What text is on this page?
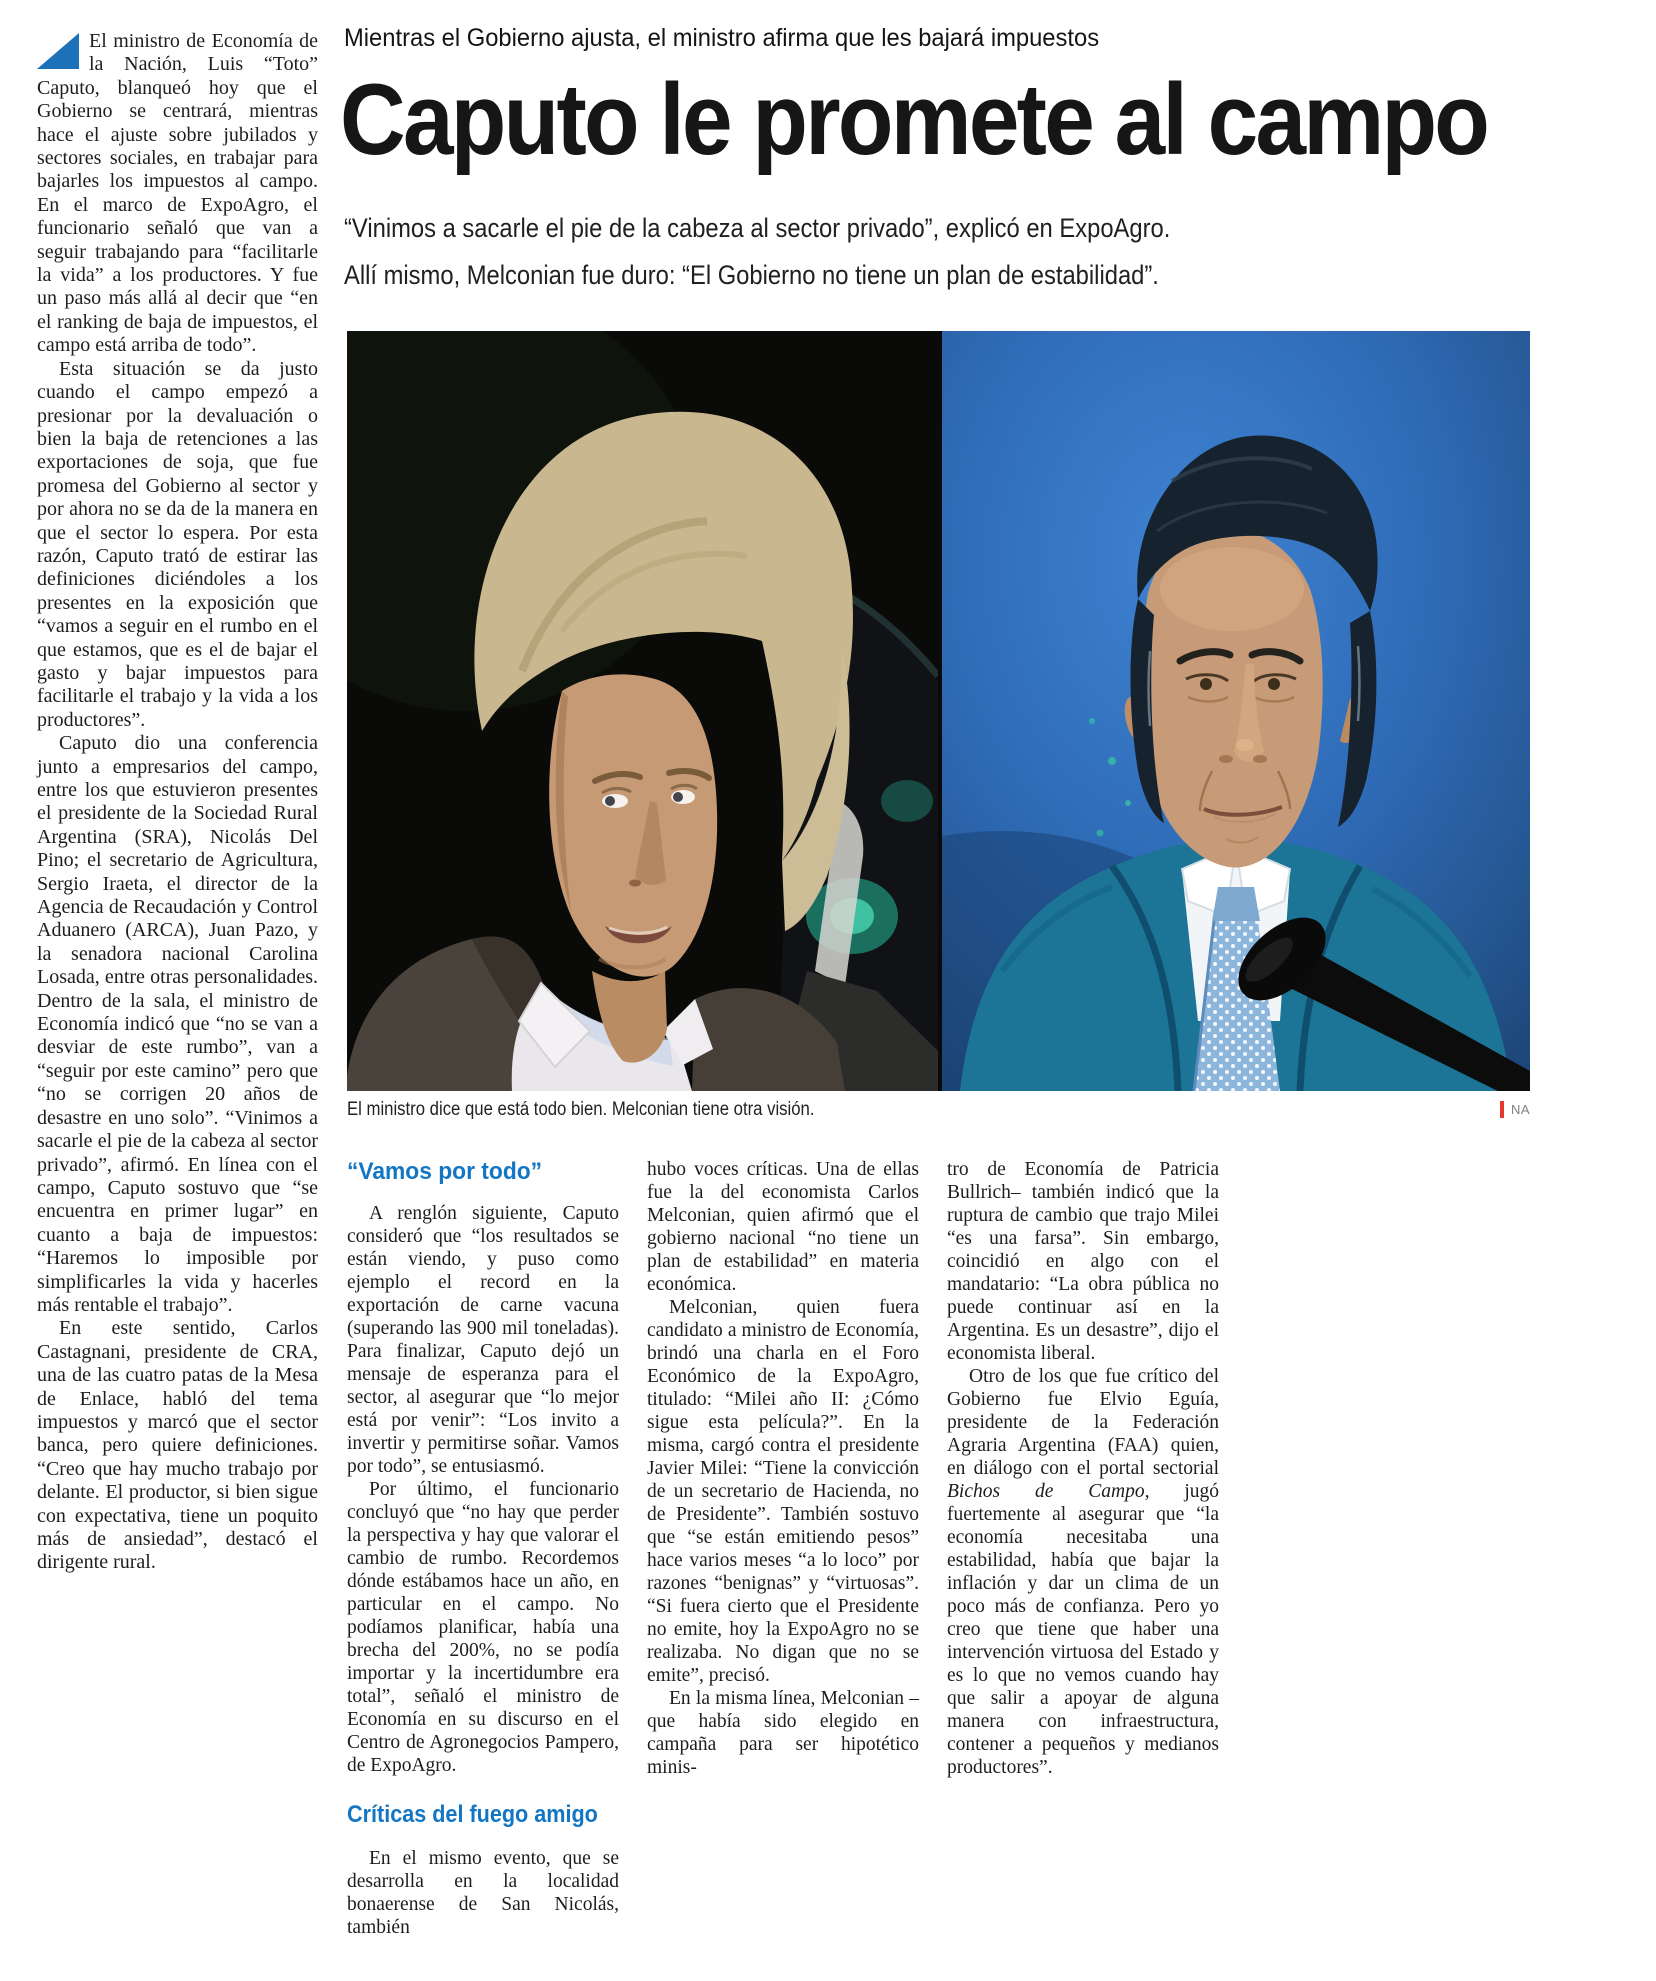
El ministro de Economía de la Nación, Luis “Toto” Caputo, blanqueó hoy que el Gobierno se centrará, mientras hace el ajuste sobre jubilados y sectores sociales, en trabajar para bajarles los impuestos al campo. En el marco de ExpoAgro, el funcionario señaló que van a seguir trabajando para “facilitarle la vida” a los productores. Y fue un paso más allá al decir que “en el ranking de baja de impuestos, el campo está arriba de todo”.

Esta situación se da justo cuando el campo empezó a presionar por la devaluación o bien la baja de retenciones a las exportaciones de soja, que fue promesa del Gobierno al sector y por ahora no se da de la manera en que el sector lo espera. Por esta razón, Caputo trató de estirar las definiciones diciéndoles a los presentes en la exposición que “vamos a seguir en el rumbo en el que estamos, que es el de bajar el gasto y bajar impuestos para facilitarle el trabajo y la vida a los productores”.

Caputo dio una conferencia junto a empresarios del campo, entre los que estuvieron presentes el presidente de la Sociedad Rural Argentina (SRA), Nicolás Del Pino; el secretario de Agricultura, Sergio Iraeta, el director de la Agencia de Recaudación y Control Aduanero (ARCA), Juan Pazo, y la senadora nacional Carolina Losada, entre otras personalidades. Dentro de la sala, el ministro de Economía indicó que “no se van a desviar de este rumbo”, van a “seguir por este camino” pero que “no se corrigen 20 años de desastre en uno solo”. “Vinimos a sacarle el pie de la cabeza al sector privado”, afirmó. En línea con el campo, Caputo sostuvo que “se encuentra en primer lugar” en cuanto a baja de impuestos: “Haremos lo imposible por simplificarles la vida y hacerles más rentable el trabajo”.

En este sentido, Carlos Castagnani, presidente de CRA, una de las cuatro patas de la Mesa de Enlace, habló del tema impuestos y marcó que el sector banca, pero quiere definiciones. “Creo que hay mucho trabajo por delante. El productor, si bien sigue con expectativa, tiene un poquito más de ansiedad”, destacó el dirigente rural.

Mientras el Gobierno ajusta, el ministro afirma que les bajará impuestos
Caputo le promete al campo
“Vinimos a sacarle el pie de la cabeza al sector privado”, explicó en ExpoAgro.
Allí mismo, Melconian fue duro: “El Gobierno no tiene un plan de estabilidad”.
El ministro dice que está todo bien. Melconian tiene otra visión.	NA
“Vamos por todo”

A renglón siguiente, Caputo consideró que “los resultados se están viendo, y puso como ejemplo el record en la exportación de carne vacuna (superando las 900 mil toneladas). Para finalizar, Caputo dejó un mensaje de esperanza para el sector, al asegurar que “lo mejor está por venir”: “Los invito a invertir y permitirse soñar. Vamos por todo”, se entusiasmó.

Por último, el funcionario concluyó que “no hay que perder la perspectiva y hay que valorar el cambio de rumbo. Recordemos dónde estábamos hace un año, en particular en el campo. No podíamos planificar, había una brecha del 200%, no se podía importar y la incertidumbre era total”, señaló el ministro de Economía en su discurso en el Centro de Agronegocios Pampero, de ExpoAgro.

Críticas del fuego amigo

En el mismo evento, que se desarrolla en la localidad bonaerense de San Nicolás, también

hubo voces críticas. Una de ellas fue la del economista Carlos Melconian, quien afirmó que el gobierno nacional “no tiene un plan de estabilidad” en materia económica.

Melconian, quien fuera candidato a ministro de Economía, brindó una charla en el Foro Económico de la ExpoAgro, titulado: “Milei año II: ¿Cómo sigue esta película?”. En la misma, cargó contra el presidente Javier Milei: “Tiene la convicción de un secretario de Hacienda, no de Presidente”. También sostuvo que “se están emitiendo pesos” hace varios meses “a lo loco” por razones “benignas” y “virtuosas”. “Si fuera cierto que el Presidente no emite, hoy la ExpoAgro no se realizaba. No digan que no se emite”, precisó.

En la misma línea, Melconian –que había sido elegido en campaña para ser hipotético minis-

tro de Economía de Patricia Bullrich– también indicó que la ruptura de cambio que trajo Milei “es una farsa”. Sin embargo, coincidió en algo con el mandatario: “La obra pública no puede continuar así en la Argentina. Es un desastre”, dijo el economista liberal.

Otro de los que fue crítico del Gobierno fue Elvio Eguía, presidente de la Federación Agraria Argentina (FAA) quien, en diálogo con el portal sectorial Bichos de Campo, jugó fuertemente al asegurar que “la economía necesitaba una estabilidad, había que bajar la inflación y dar un clima de un poco más de confianza. Pero yo creo que tiene que haber una intervención virtuosa del Estado y es lo que no vemos cuando hay que salir a apoyar de alguna manera con infraestructura, contener a pequeños y medianos productores”.
